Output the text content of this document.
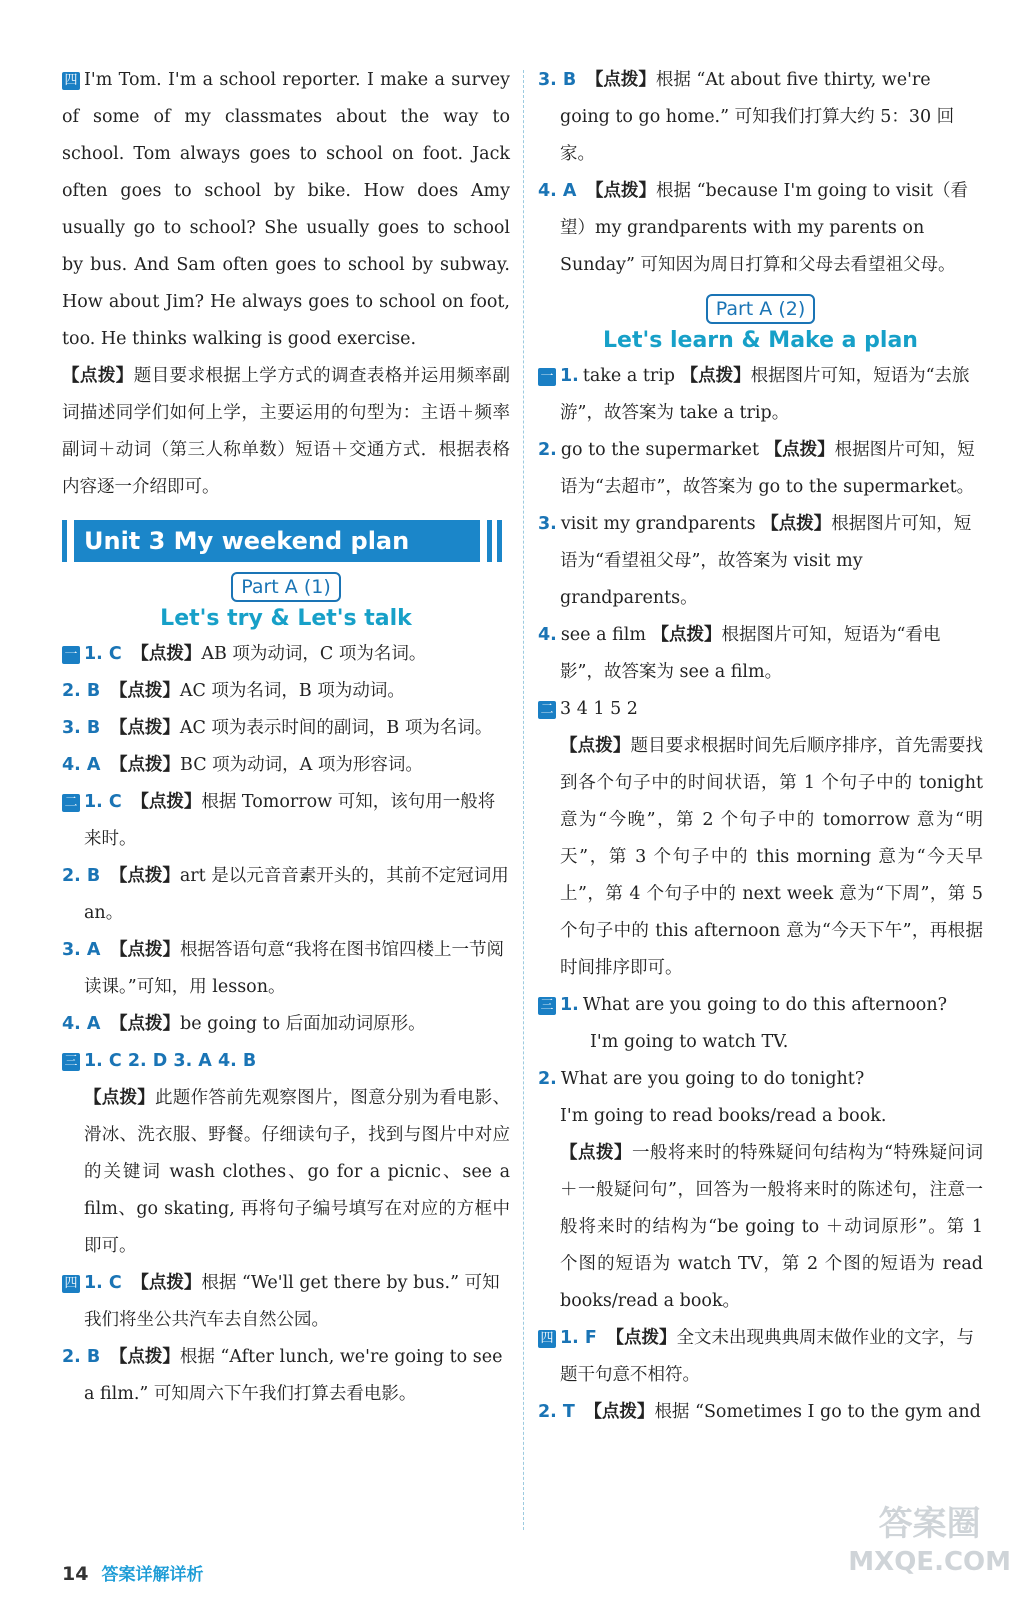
四 I'm Tom. I'm a school reporter. I make a survey of some of my classmates about the way to school. Tom always goes to school on foot. Jack often goes to school by bike. How does Amy usually go to school? She usually goes to school by bus. And Sam often goes to school by subway. How about Jim? He always goes to school on foot, too. He thinks walking is good exercise.

【点拨】题目要求根据上学方式的调查表格并运用频率副词描述同学们如何上学，主要运用的句型为：主语＋频率副词＋动词（第三人称单数）短语＋交通方式．根据表格内容逐一介绍即可。

Unit 3 My weekend plan
Part A (1)
Let's try & Let's talk

一 1. C 【点拨】AB 项为动词，C 项为名词。

2. B 【点拨】AC 项为名词，B 项为动词。

3. B 【点拨】AC 项为表示时间的副词，B 项为名词。

4. A 【点拨】BC 项为动词，A 项为形容词。

二 1. C 【点拨】根据 Tomorrow 可知，该句用一般将来时。

2. B 【点拨】art 是以元音音素开头的，其前不定冠词用 an。

3. A 【点拨】根据答语句意“我将在图书馆四楼上一节阅读课。”可知，用 lesson。

4. A 【点拨】be going to 后面加动词原形。

三 1. C 2. D 3. A 4. B

【点拨】此题作答前先观察图片，图意分别为看电影、滑冰、洗衣服、野餐。仔细读句子，找到与图片中对应的关键词 wash clothes、go for a picnic、see a film、go skating, 再将句子编号填写在对应的方框中即可。

四 1. C 【点拨】根据 “We'll get there by bus.” 可知我们将坐公共汽车去自然公园。

2. B 【点拨】根据 “After lunch, we're going to see a film.” 可知周六下午我们打算去看电影。

3. B 【点拨】根据 “At about five thirty, we're going to go home.” 可知我们打算大约 5：30 回家。

4. A 【点拨】根据 “because I'm going to visit（看望）my grandparents with my parents on Sunday” 可知因为周日打算和父母去看望祖父母。

Part A (2)
Let's learn & Make a plan

一 1. take a trip 【点拨】根据图片可知，短语为“去旅游”，故答案为 take a trip。

2. go to the supermarket 【点拨】根据图片可知，短语为“去超市”，故答案为 go to the supermarket。

3. visit my grandparents 【点拨】根据图片可知，短语为“看望祖父母”，故答案为 visit my grandparents。

4. see a film 【点拨】根据图片可知，短语为“看电影”，故答案为 see a film。

二 3 4 1 5 2

【点拨】题目要求根据时间先后顺序排序，首先需要找到各个句子中的时间状语，第 1 个句子中的 tonight 意为“今晚”，第 2 个句子中的 tomorrow 意为“明天”，第 3 个句子中的 this morning 意为“今天早上”，第 4 个句子中的 next week 意为“下周”，第 5 个句子中的 this afternoon 意为“今天下午”，再根据时间排序即可。

三 1. What are you going to do this afternoon?

I'm going to watch TV.

2. What are you going to do tonight?

I'm going to read books/read a book.

【点拨】一般将来时的特殊疑问句结构为“特殊疑问词＋一般疑问句”，回答为一般将来时的陈述句，注意一般将来时的结构为“be going to ＋动词原形”。第 1 个图的短语为 watch TV，第 2 个图的短语为 read books/read a book。

四 1. F 【点拨】全文未出现典典周末做作业的文字，与题干句意不相符。

2. T 【点拨】根据 “Sometimes I go to the gym and

14 答案详解详析
答案圈
MXQE.COM
